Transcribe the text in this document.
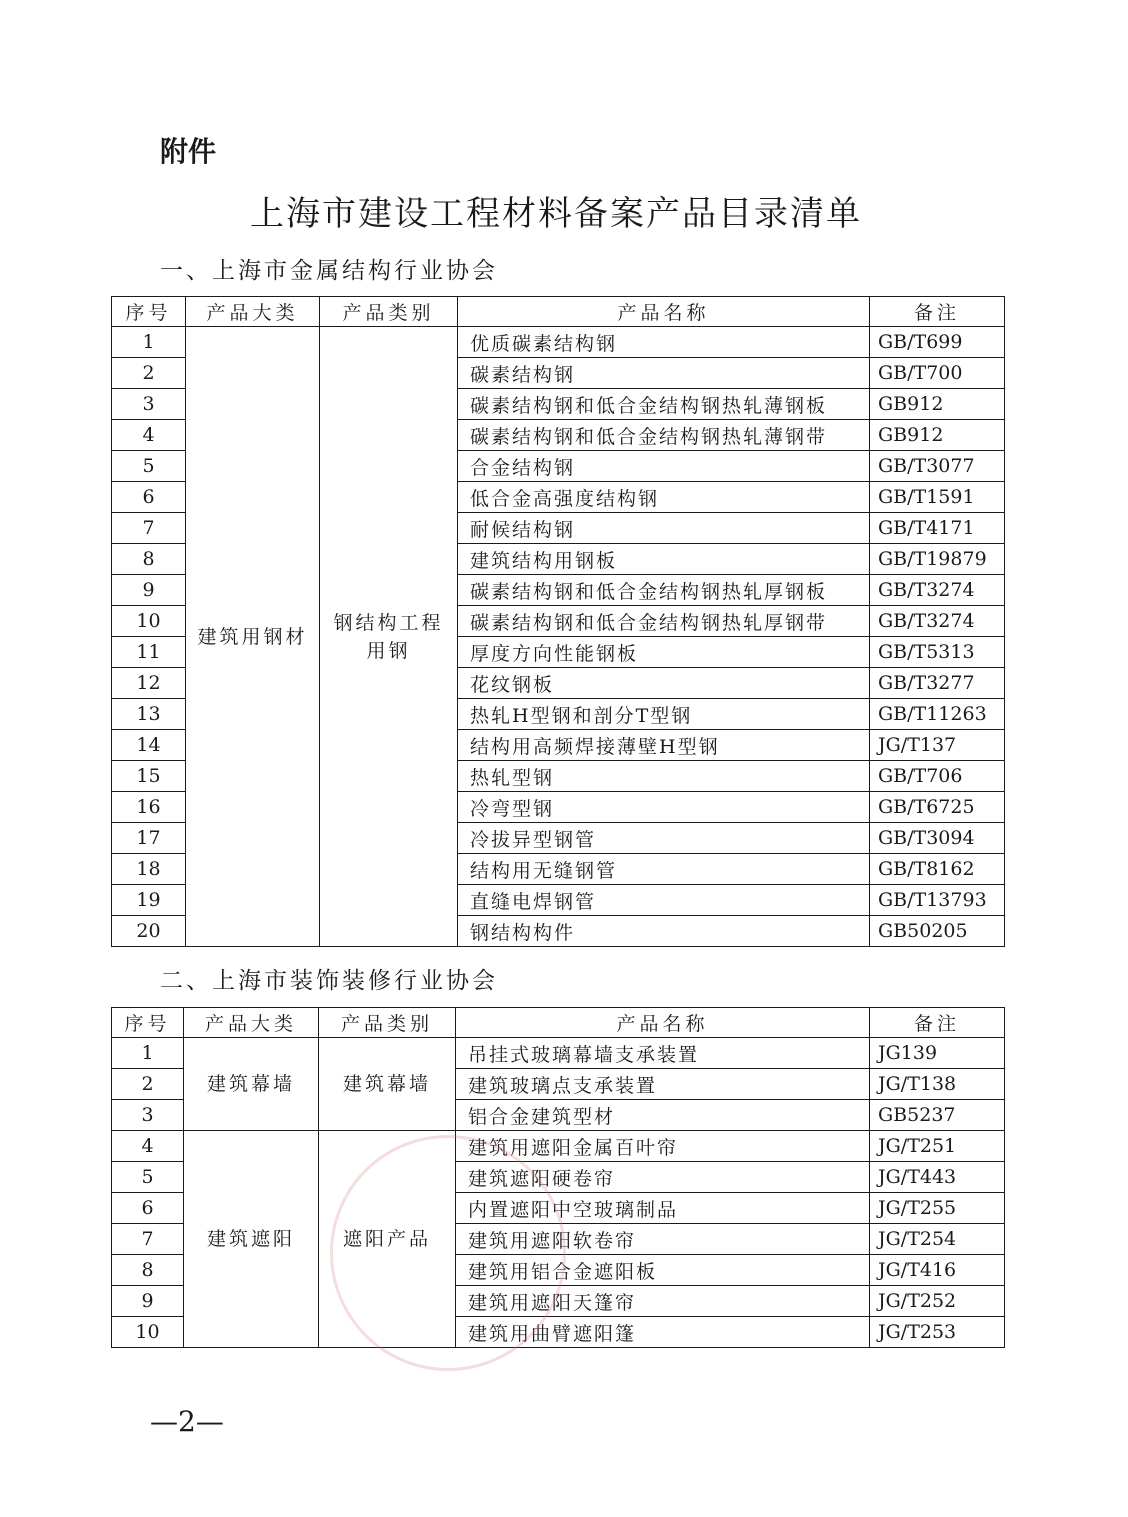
附件
上海市建设工程材料备案产品目录清单
一、上海市金属结构行业协会
序号	产品大类	产品类别	产品名称	备注
1	建筑用钢材	钢结构工程用钢	优质碳素结构钢	GB/T699
2			碳素结构钢	GB/T700
3			碳素结构钢和低合金结构钢热轧薄钢板	GB912
4			碳素结构钢和低合金结构钢热轧薄钢带	GB912
5			合金结构钢	GB/T3077
6			低合金高强度结构钢	GB/T1591
7			耐候结构钢	GB/T4171
8			建筑结构用钢板	GB/T19879
9			碳素结构钢和低合金结构钢热轧厚钢板	GB/T3274
10			碳素结构钢和低合金结构钢热轧厚钢带	GB/T3274
11			厚度方向性能钢板	GB/T5313
12			花纹钢板	GB/T3277
13			热轧H型钢和剖分T型钢	GB/T11263
14			结构用高频焊接薄壁H型钢	JG/T137
15			热轧型钢	GB/T706
16			冷弯型钢	GB/T6725
17			冷拔异型钢管	GB/T3094
18			结构用无缝钢管	GB/T8162
19			直缝电焊钢管	GB/T13793
20			钢结构构件	GB50205
二、上海市装饰装修行业协会
序号	产品大类	产品类别	产品名称	备注
1	建筑幕墙	建筑幕墙	吊挂式玻璃幕墙支承装置	JG139
2			建筑玻璃点支承装置	JG/T138
3			铝合金建筑型材	GB5237
4	建筑遮阳	遮阳产品	建筑用遮阳金属百叶帘	JG/T251
5			建筑遮阳硬卷帘	JG/T443
6			内置遮阳中空玻璃制品	JG/T255
7			建筑用遮阳软卷帘	JG/T254
8			建筑用铝合金遮阳板	JG/T416
9			建筑用遮阳天篷帘	JG/T252
10			建筑用曲臂遮阳篷	JG/T253
—2—
